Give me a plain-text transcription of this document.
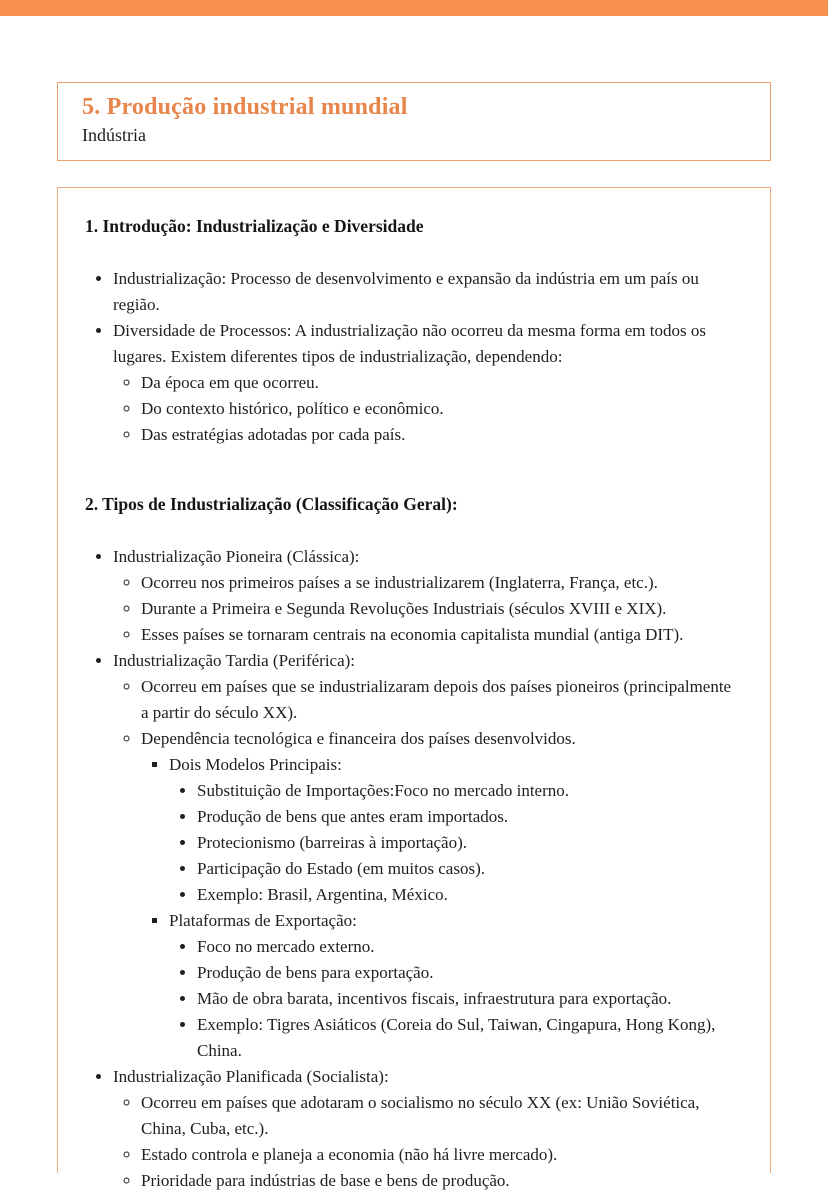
5. Produção industrial mundial
Indústria
1. Introdução: Industrialização e Diversidade
• Industrialização: Processo de desenvolvimento e expansão da indústria em um país ou região.
• Diversidade de Processos: A industrialização não ocorreu da mesma forma em todos os lugares. Existem diferentes tipos de industrialização, dependendo:
◦ Da época em que ocorreu.
◦ Do contexto histórico, político e econômico.
◦ Das estratégias adotadas por cada país.
2. Tipos de Industrialização (Classificação Geral):
• Industrialização Pioneira (Clássica):
◦ Ocorreu nos primeiros países a se industrializarem (Inglaterra, França, etc.).
◦ Durante a Primeira e Segunda Revoluções Industriais (séculos XVIII e XIX).
◦ Esses países se tornaram centrais na economia capitalista mundial (antiga DIT).
• Industrialização Tardia (Periférica):
◦ Ocorreu em países que se industrializaram depois dos países pioneiros (principalmente a partir do século XX).
◦ Dependência tecnológica e financeira dos países desenvolvidos.
▪ Dois Modelos Principais:
• Substituição de Importações:Foco no mercado interno.
• Produção de bens que antes eram importados.
• Protecionismo (barreiras à importação).
• Participação do Estado (em muitos casos).
• Exemplo: Brasil, Argentina, México.
▪ Plataformas de Exportação:
• Foco no mercado externo.
• Produção de bens para exportação.
• Mão de obra barata, incentivos fiscais, infraestrutura para exportação.
• Exemplo: Tigres Asiáticos (Coreia do Sul, Taiwan, Cingapura, Hong Kong), China.
• Industrialização Planificada (Socialista):
◦ Ocorreu em países que adotaram o socialismo no século XX (ex: União Soviética, China, Cuba, etc.).
◦ Estado controla e planeja a economia (não há livre mercado).
◦ Prioridade para indústrias de base e bens de produção.
